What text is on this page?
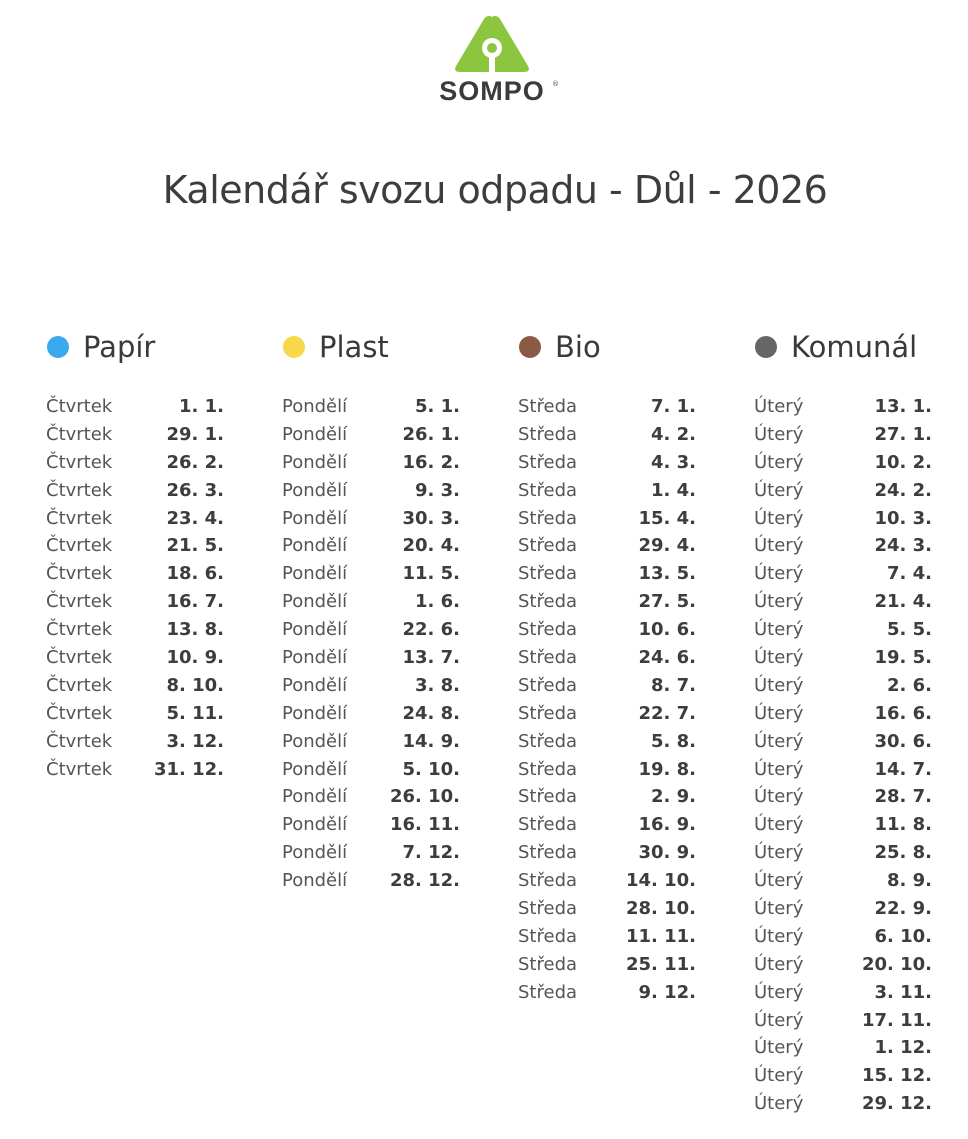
SOMPO	®
Kalendář svozu odpadu - Důl - 2026
Papír
Čtvrtek	1. 1.
Čtvrtek	29. 1.
Čtvrtek	26. 2.
Čtvrtek	26. 3.
Čtvrtek	23. 4.
Čtvrtek	21. 5.
Čtvrtek	18. 6.
Čtvrtek	16. 7.
Čtvrtek	13. 8.
Čtvrtek	10. 9.
Čtvrtek	8. 10.
Čtvrtek	5. 11.
Čtvrtek	3. 12.
Čtvrtek 31. 12.
Plast
Pondělí	5. 1.
Pondělí	26. 1.
Pondělí	16. 2.
Pondělí	9. 3.
Pondělí	30. 3.
Pondělí	20. 4.
Pondělí	11. 5.
Pondělí	1. 6.
Pondělí	22. 6.
Pondělí	13. 7.
Pondělí	3. 8.
Pondělí	24. 8.
Pondělí	14. 9.
Pondělí	5. 10.
Pondělí 26. 10.
Pondělí 16. 11.
Pondělí	7. 12.
Pondělí 28. 12.
Bio
Středa	7. 1.
Středa	4. 2.
Středa	4. 3.
Středa	1. 4.
Středa	15. 4.
Středa	29. 4.
Středa	13. 5.
Středa	27. 5.
Středa	10. 6.
Středa	24. 6.
Středa	8. 7.
Středa	22. 7.
Středa	5. 8.
Středa	19. 8.
Středa	2. 9.
Středa	16. 9.
Středa	30. 9.
Středa	14. 10.
Středa	28. 10.
Středa	11. 11.
Středa	25. 11.
Středa	9. 12.
Komunál
Úterý	13. 1.
Úterý	27. 1.
Úterý	10. 2.
Úterý	24. 2.
Úterý	10. 3.
Úterý	24. 3.
Úterý	7. 4.
Úterý	21. 4.
Úterý	5. 5.
Úterý	19. 5.
Úterý	2. 6.
Úterý	16. 6.
Úterý	30. 6.
Úterý	14. 7.
Úterý	28. 7.
Úterý	11. 8.
Úterý	25. 8.
Úterý	8. 9.
Úterý	22. 9.
Úterý	6. 10.
Úterý	20. 10.
Úterý	3. 11.
Úterý	17. 11.
Úterý	1. 12.
Úterý	15. 12.
Úterý	29. 12.
